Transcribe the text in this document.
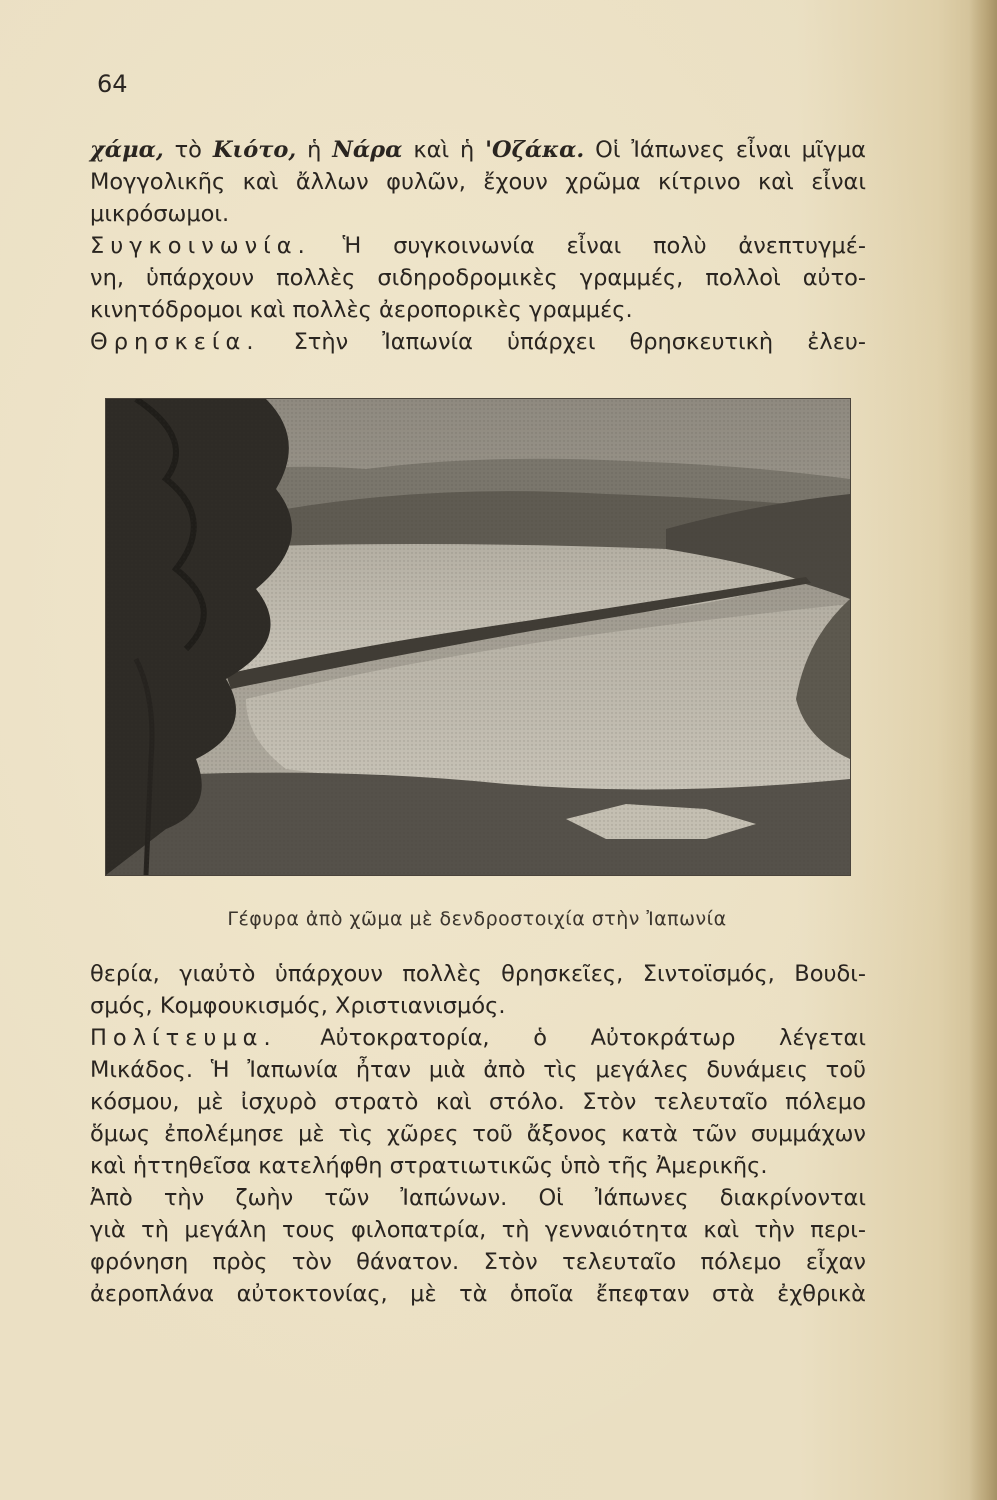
64
χάμα, τὸ Κιότο, ἡ Νάρα καὶ ἡ 'Οζάκα. Οἱ Ἰάπωνες εἶναι μῖγμα
Μογγολικῆς καὶ ἄλλων φυλῶν, ἔχουν χρῶμα κίτρινο καὶ εἶναι
μικρόσωμοι.
Συγκοινωνία. Ἡ συγκοινωνία εἶναι πολὺ ἀνεπτυγμέ-
νη, ὑπάρχουν πολλὲς σιδηροδρομικὲς γραμμές, πολλοὶ αὐτο-
κινητόδρομοι καὶ πολλὲς ἀεροπορικὲς γραμμές.
Θρησκεία. Στὴν Ἰαπωνία ὑπάρχει θρησκευτικὴ ἐλευ-
Γέφυρα ἀπὸ χῶμα μὲ δενδροστοιχία στὴν Ἰαπωνία
θερία, γιαὐτὸ ὑπάρχουν πολλὲς θρησκεῖες, Σιντοϊσμός, Βουδι-
σμός, Κομφουκισμός, Χριστιανισμός.
Πολίτευμα. Αὐτοκρατορία, ὁ Αὐτοκράτωρ λέγεται
Μικάδος. Ἡ Ἰαπωνία ἦταν μιὰ ἀπὸ τὶς μεγάλες δυνάμεις τοῦ
κόσμου, μὲ ἰσχυρὸ στρατὸ καὶ στόλο. Στὸν τελευταῖο πόλεμο
ὅμως ἐπολέμησε μὲ τὶς χῶρες τοῦ ἄξονος κατὰ τῶν συμμάχων
καὶ ἡττηθεῖσα κατελήφθη στρατιωτικῶς ὑπὸ τῆς Ἀμερικῆς.
Ἀπὸ τὴν ζωὴν τῶν Ἰαπώνων. Οἱ Ἰάπωνες διακρίνονται
γιὰ τὴ μεγάλη τους φιλοπατρία, τὴ γενναιότητα καὶ τὴν περι-
φρόνηση πρὸς τὸν θάνατον. Στὸν τελευταῖο πόλεμο εἶχαν
ἀεροπλάνα αὐτοκτονίας, μὲ τὰ ὁποῖα ἔπεφταν στὰ ἐχθρικὰ
